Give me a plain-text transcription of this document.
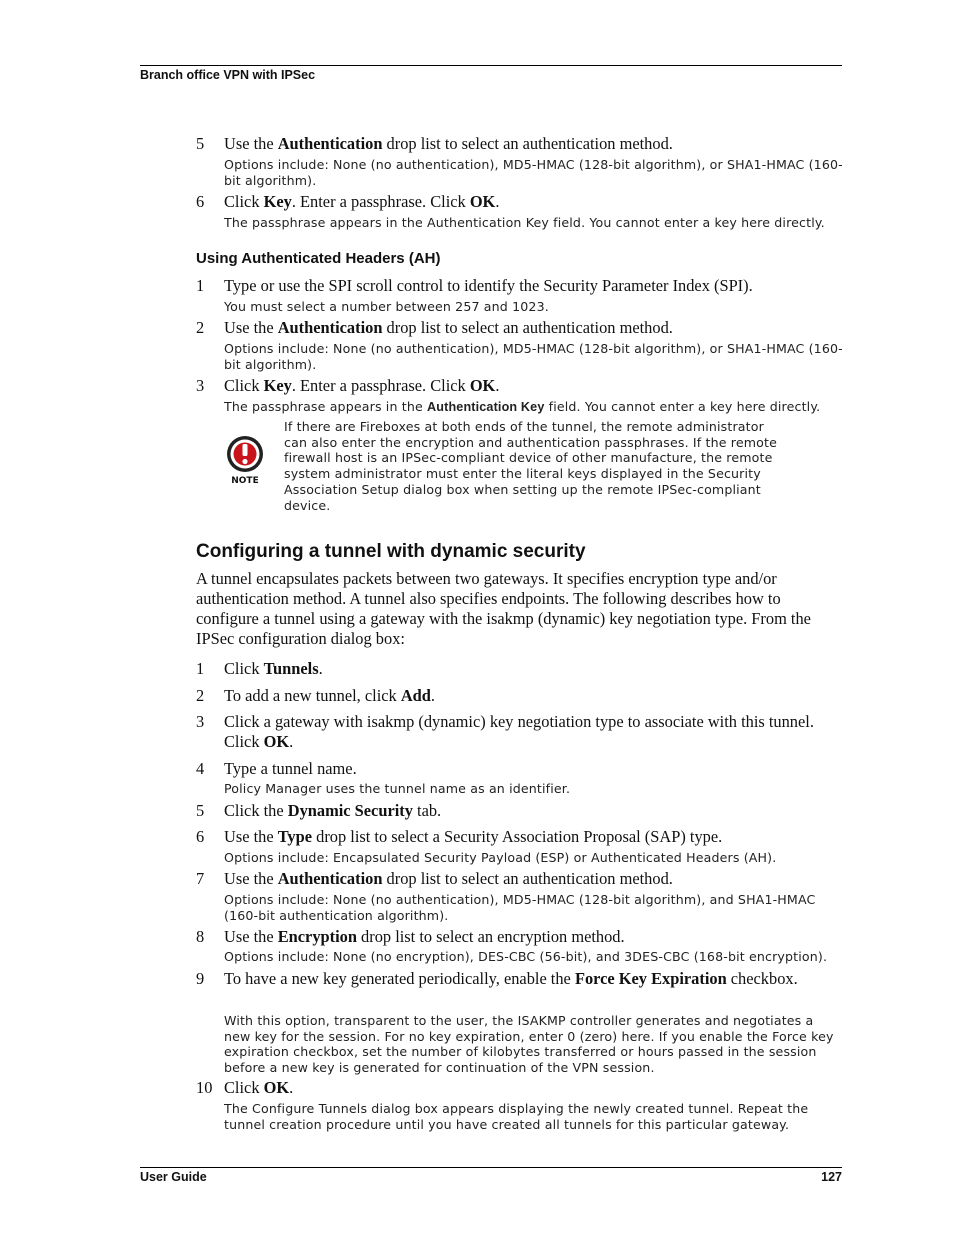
Branch office VPN with IPSec
5	Use the Authentication drop list to select an authentication method.
Options include: None (no authentication), MD5-HMAC (128-bit algorithm), or SHA1-HMAC (160-bit algorithm).
6	Click Key. Enter a passphrase. Click OK.
The passphrase appears in the Authentication Key field. You cannot enter a key here directly.
Using Authenticated Headers (AH)
1	Type or use the SPI scroll control to identify the Security Parameter Index (SPI).
You must select a number between 257 and 1023.
2	Use the Authentication drop list to select an authentication method.
Options include: None (no authentication), MD5-HMAC (128-bit algorithm), or SHA1-HMAC (160-bit algorithm).
3	Click Key. Enter a passphrase. Click OK.
The passphrase appears in the Authentication Key field. You cannot enter a key here directly.
NOTE
If there are Fireboxes at both ends of the tunnel, the remote administrator can also enter the encryption and authentication passphrases. If the remote firewall host is an IPSec-compliant device of other manufacture, the remote system administrator must enter the literal keys displayed in the Security Association Setup dialog box when setting up the remote IPSec-compliant device.
Configuring a tunnel with dynamic security
A tunnel encapsulates packets between two gateways. It specifies encryption type and/or authentication method. A tunnel also specifies endpoints. The following describes how to configure a tunnel using a gateway with the isakmp (dynamic) key negotiation type. From the IPSec configuration dialog box:
1	Click Tunnels.
2	To add a new tunnel, click Add.
3	Click a gateway with isakmp (dynamic) key negotiation type to associate with this tunnel. Click OK.
4	Type a tunnel name.
Policy Manager uses the tunnel name as an identifier.
5	Click the Dynamic Security tab.
6	Use the Type drop list to select a Security Association Proposal (SAP) type.
Options include: Encapsulated Security Payload (ESP) or Authenticated Headers (AH).
7	Use the Authentication drop list to select an authentication method.
Options include: None (no authentication), MD5-HMAC (128-bit algorithm), and SHA1-HMAC (160-bit authentication algorithm).
8	Use the Encryption drop list to select an encryption method.
Options include: None (no encryption), DES-CBC (56-bit), and 3DES-CBC (168-bit encryption).
9	To have a new key generated periodically, enable the Force Key Expiration checkbox.
With this option, transparent to the user, the ISAKMP controller generates and negotiates a new key for the session. For no key expiration, enter 0 (zero) here. If you enable the Force key expiration checkbox, set the number of kilobytes transferred or hours passed in the session before a new key is generated for continuation of the VPN session.
10 Click OK.
The Configure Tunnels dialog box appears displaying the newly created tunnel. Repeat the tunnel creation procedure until you have created all tunnels for this particular gateway.
User Guide	127
